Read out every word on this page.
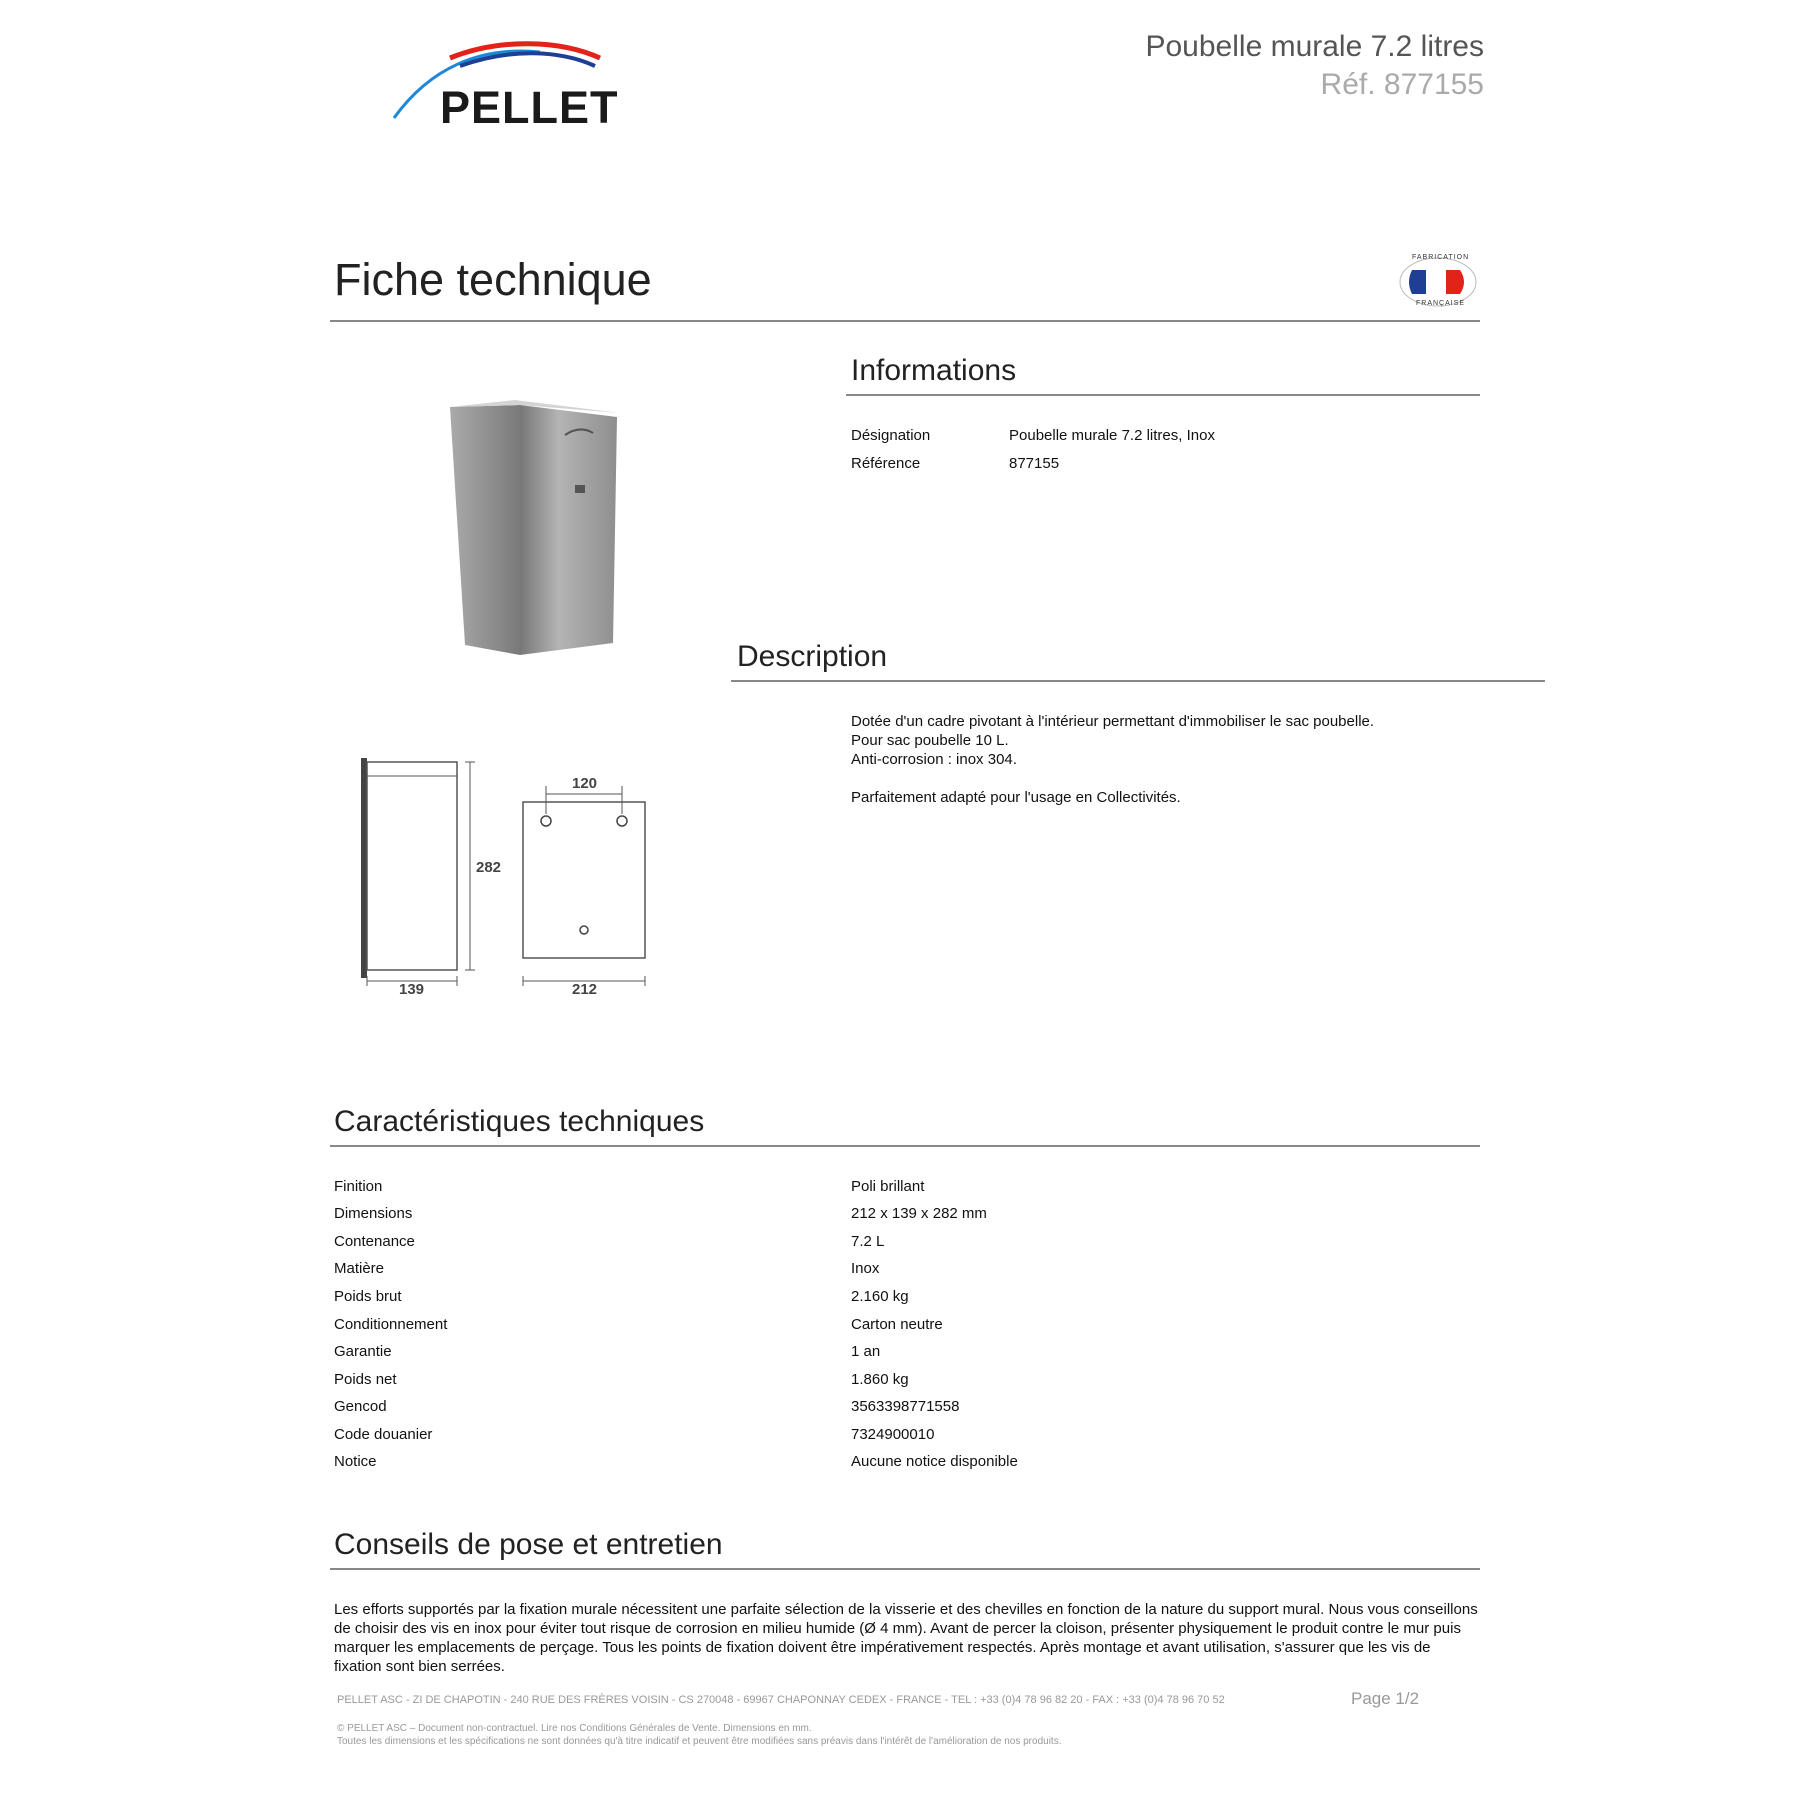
PELLET
Poubelle murale 7.2 litres
Réf. 877155
Fiche technique	FABRICATION
FRANÇAISE
282
139	212
120
Informations
Désignation	Poubelle murale 7.2 litres, Inox
Référence	877155
Description

Dotée d'un cadre pivotant à l'intérieur permettant d'immobiliser le sac poubelle.

Pour sac poubelle 10 L.

Anti-corrosion : inox 304.

Parfaitement adapté pour l'usage en Collectivités.

Caractéristiques techniques
Finition	Poli brillant
Dimensions	212 x 139 x 282 mm
Contenance	7.2 L
Matière	Inox
Poids brut	2.160 kg
Conditionnement	Carton neutre
Garantie	1 an
Poids net	1.860 kg
Gencod	3563398771558
Code douanier	7324900010
Notice	Aucune notice disponible
Conseils de pose et entretien
Les efforts supportés par la fixation murale nécessitent une parfaite sélection de la visserie et des chevilles en fonction de la nature du support mural. Nous vous conseillons de choisir des vis en inox pour éviter tout risque de corrosion en milieu humide (Ø 4 mm). Avant de percer la cloison, présenter physiquement le produit contre le mur puis marquer les emplacements de perçage. Tous les points de fixation doivent être impérativement respectés. Après montage et avant utilisation, s'assurer que les vis de fixation sont bien serrées.
PELLET ASC - ZI DE CHAPOTIN - 240 RUE DES FRÈRES VOISIN - CS 270048 - 69967 CHAPONNAY CEDEX - FRANCE - TEL : +33 (0)4 78 96 82 20 - FAX : +33 (0)4 78 96 70 52	Page 1/2
© PELLET ASC – Document non-contractuel. Lire nos Conditions Générales de Vente. Dimensions en mm.
Toutes les dimensions et les spécifications ne sont données qu'à titre indicatif et peuvent être modifiées sans préavis dans l'intérêt de l'amélioration de nos produits.
